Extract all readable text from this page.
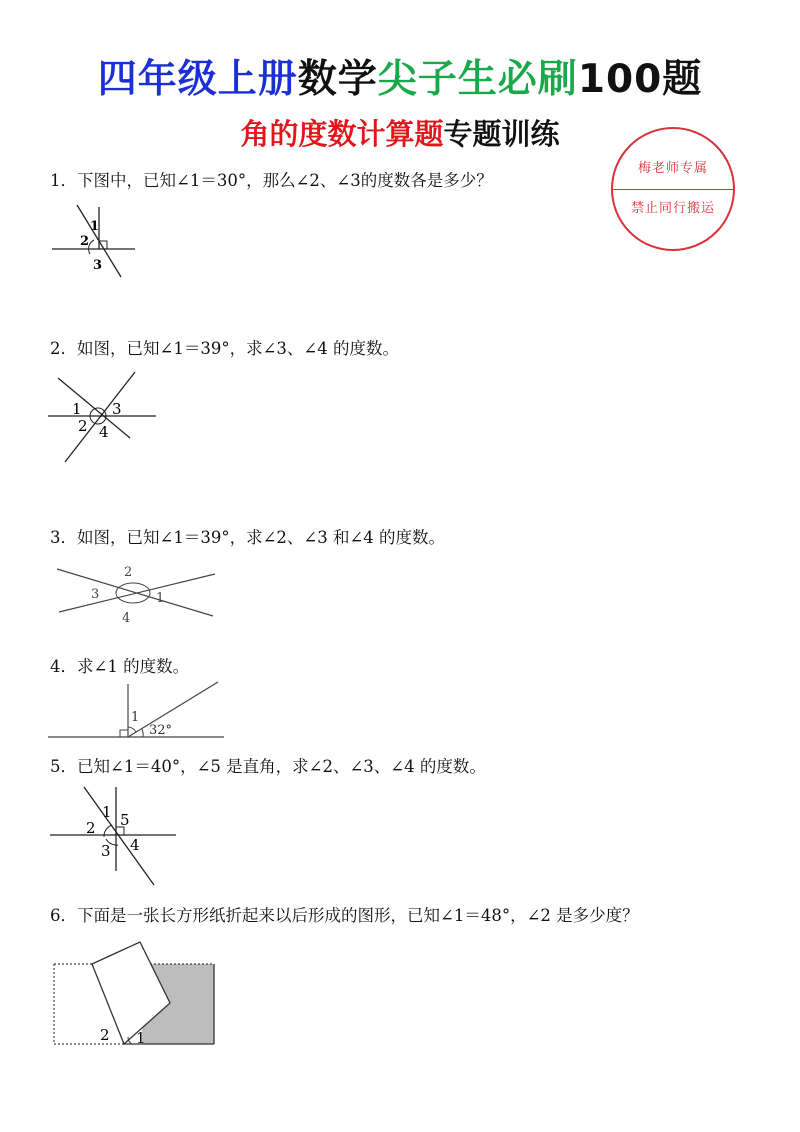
四年级上册数学尖子生必刷100题
角的度数计算题专题训练
梅老师专属
禁止同行搬运
1．下图中，已知∠1＝30°，那么∠2、∠3的度数各是多少？
1
2
3
2．如图，已知∠1＝39°，求∠3、∠4 的度数。
1 3
2 4
3．如图，已知∠1＝39°，求∠2、∠3 和∠4 的度数。
2
3	1
4
4．求∠1 的度数。
1
32°
5．已知∠1＝40°，∠5 是直角，求∠2、∠3、∠4 的度数。
1 5
2
3 4
6．下面是一张长方形纸折起来以后形成的图形，已知∠1＝48°，∠2 是多少度？
2 1
